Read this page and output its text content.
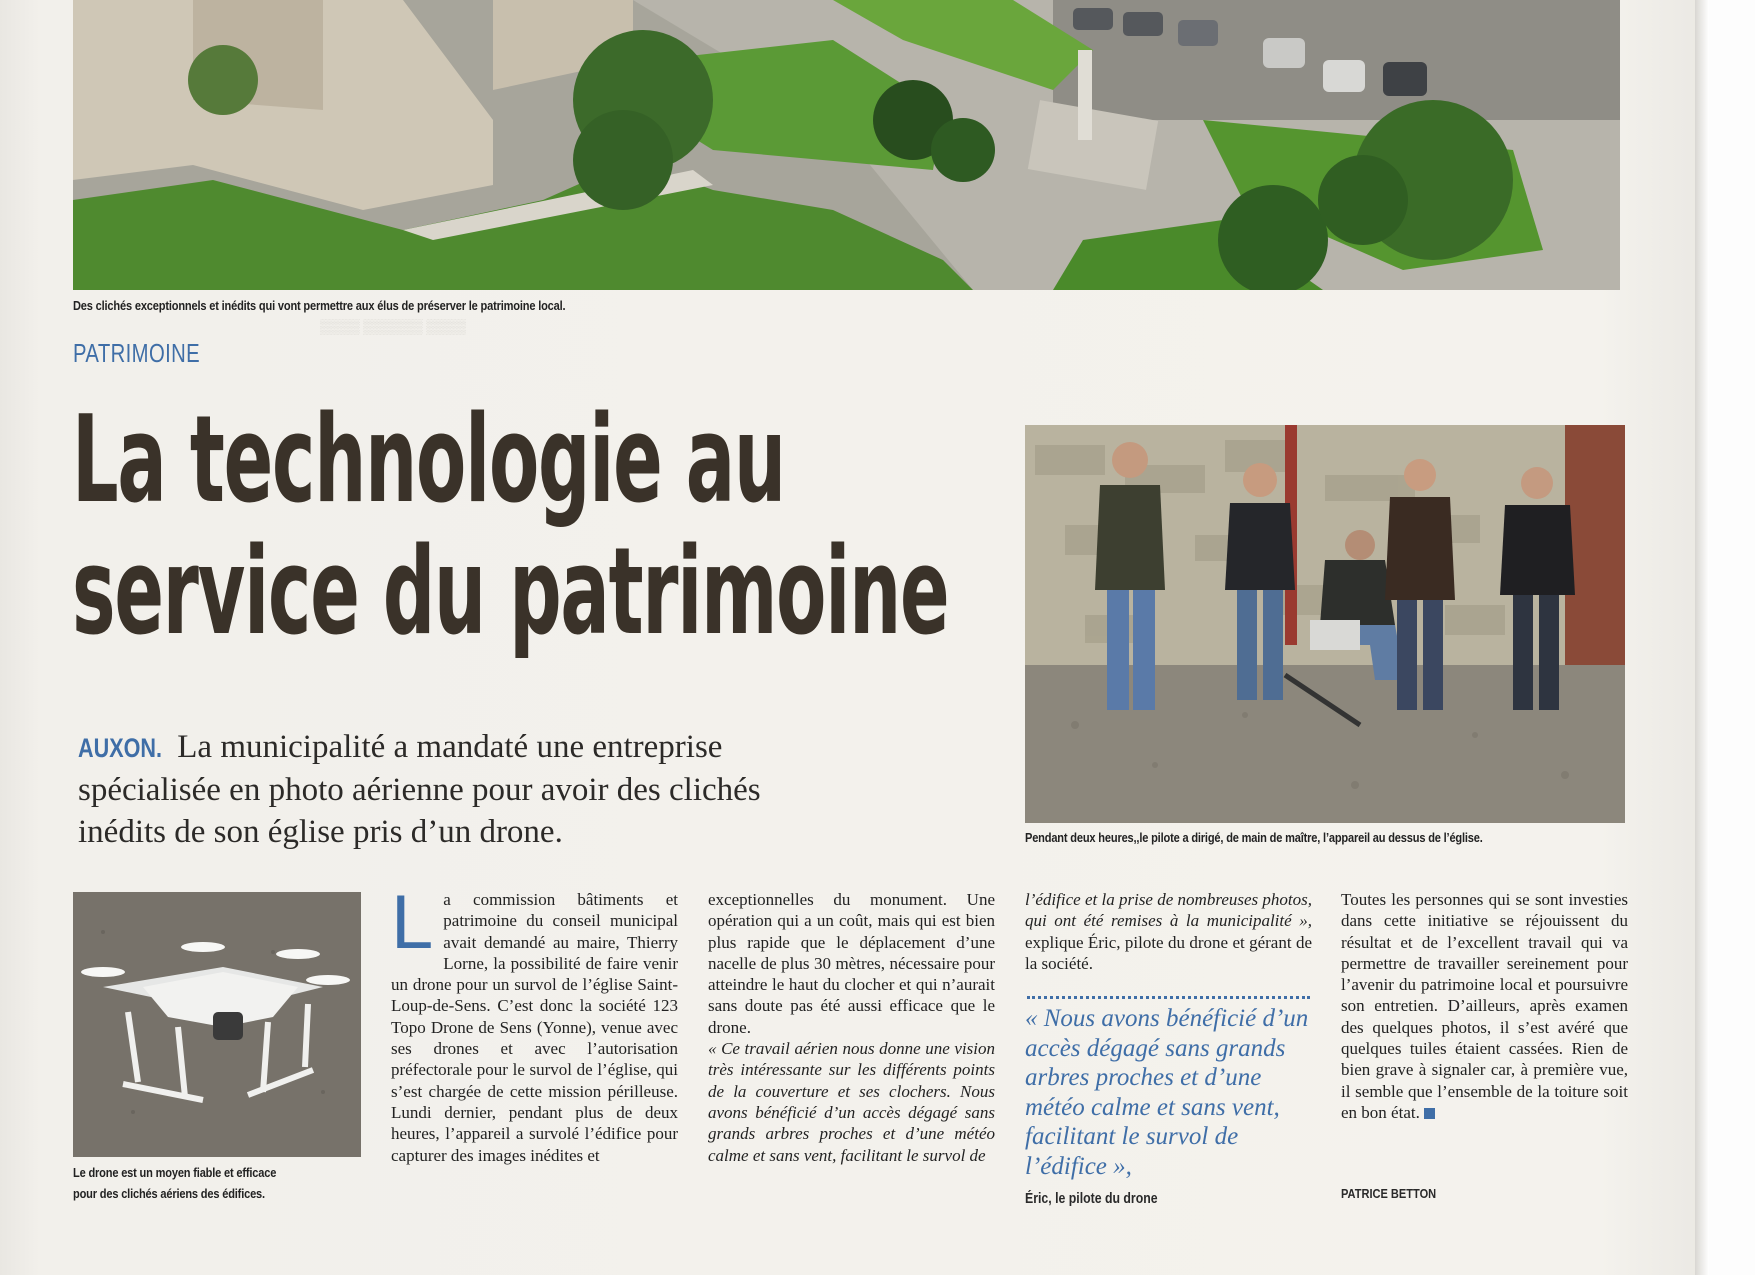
Des clichés exceptionnels et inédits qui vont permettre aux élus de préserver le patrimoine local.
PATRIMOINE
La technologie au
service du patrimoine
AUXON. La municipalité a mandaté une entreprise spécialisée en photo aérienne pour avoir des clichés inédits de son église pris d’un drone.
▒▒▒▒ ▒▒▒▒▒▒ ▒▒▒▒
Pendant deux heures,,le pilote a dirigé, de main de maître, l’appareil au dessus de l’église.
Le drone est un moyen fiable et efficace
pour des clichés aériens des édifices.
L a commission bâtiments et patrimoine du conseil municipal avait demandé au maire, Thierry Lorne, la possibilité de faire venir un drone pour un survol de l’église Saint-Loup-de-Sens. C’est donc la société 123 Topo Drone de Sens (Yonne), venue avec ses drones et avec l’autorisation préfectorale pour le survol de l’église, qui s’est chargée de cette mission périlleuse. Lundi dernier, pendant plus de deux heures, l’appareil a survolé l’édifice pour capturer des images inédites et

exceptionnelles du monument. Une opération qui a un coût, mais qui est bien plus rapide que le déplacement d’une nacelle de plus 30 mètres, nécessaire pour atteindre le haut du clocher et qui n’aurait sans doute pas été aussi efficace que le drone.

« Ce travail aérien nous donne une vision très intéressante sur les différents points de la couverture et ses clochers. Nous avons bénéficié d’un accès dégagé sans grands arbres proches et d’une météo calme et sans vent, facilitant le survol de

l’édifice et la prise de nombreuses photos, qui ont été remises à la municipalité », explique Éric, pilote du drone et gérant de la société.
« Nous avons bénéficié d’un accès dégagé sans grands arbres proches et d’une météo calme et sans vent, facilitant le survol de l’édifice »,
Éric, le pilote du drone
Toutes les personnes qui se sont investies dans cette initiative se réjouissent du résultat et de l’excellent travail qui va permettre de travailler sereinement pour l’avenir du patrimoine local et poursuivre son entretien. D’ailleurs, après examen des quelques photos, il s’est avéré que quelques tuiles étaient cassées. Rien de bien grave à signaler car, à première vue, il semble que l’ensemble de la toiture soit en bon état.
PATRICE BETTON
